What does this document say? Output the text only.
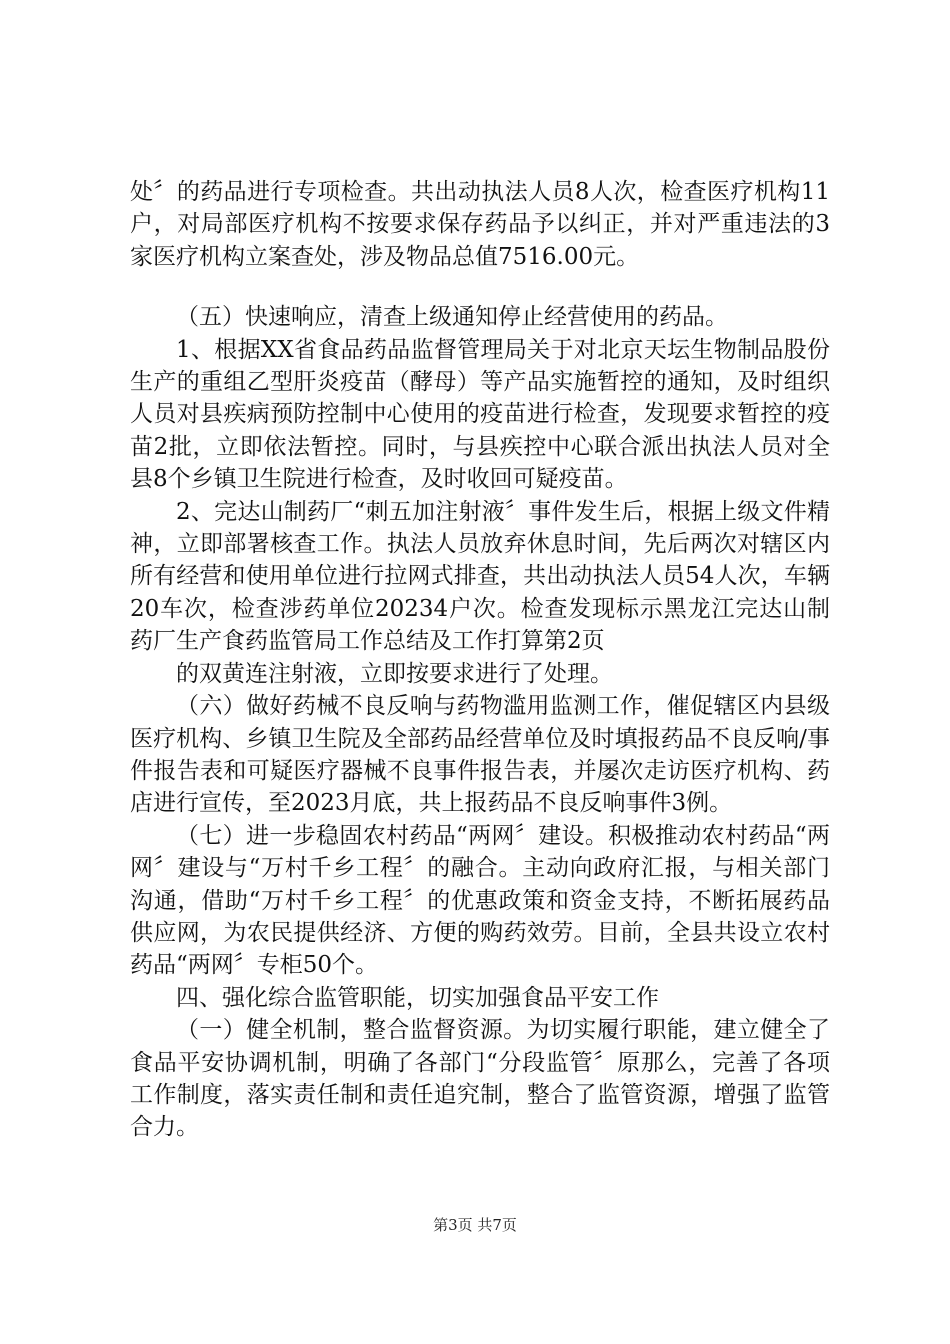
处〞的药品进行专项检查。共出动执法人员8人次，检查医疗机构11户，对局部医疗机构不按要求保存药品予以纠正，并对严重违法的3家医疗机构立案查处，涉及物品总值7516.00元。

（五）快速响应，清查上级通知停止经营使用的药品。

1、根据XX省食品药品监督管理局关于对北京天坛生物制品股份生产的重组乙型肝炎疫苗（酵母）等产品实施暂控的通知，及时组织人员对县疾病预防控制中心使用的疫苗进行检查，发现要求暂控的疫苗2批，立即依法暂控。同时，与县疾控中心联合派出执法人员对全县8个乡镇卫生院进行检查，及时收回可疑疫苗。

2、完达山制药厂“刺五加注射液〞事件发生后，根据上级文件精神，立即部署核查工作。执法人员放弃休息时间，先后两次对辖区内所有经营和使用单位进行拉网式排查，共出动执法人员54人次，车辆20车次，检查涉药单位20234户次。检查发现标示黑龙江完达山制药厂生产食药监管局工作总结及工作打算第2页

的双黄连注射液，立即按要求进行了处理。

（六）做好药械不良反响与药物滥用监测工作，催促辖区内县级医疗机构、乡镇卫生院及全部药品经营单位及时填报药品不良反响/事件报告表和可疑医疗器械不良事件报告表，并屡次走访医疗机构、药店进行宣传，至2023月底，共上报药品不良反响事件3例。

（七）进一步稳固农村药品“两网〞建设。积极推动农村药品“两网〞建设与“万村千乡工程〞的融合。主动向政府汇报，与相关部门沟通，借助“万村千乡工程〞的优惠政策和资金支持，不断拓展药品供应网，为农民提供经济、方便的购药效劳。目前，全县共设立农村药品“两网〞专柜50个。

四、强化综合监管职能，切实加强食品平安工作

（一）健全机制，整合监督资源。为切实履行职能，建立健全了食品平安协调机制，明确了各部门“分段监管〞原那么，完善了各项工作制度，落实责任制和责任追究制，整合了监管资源，增强了监管合力。

第3页 共7页
